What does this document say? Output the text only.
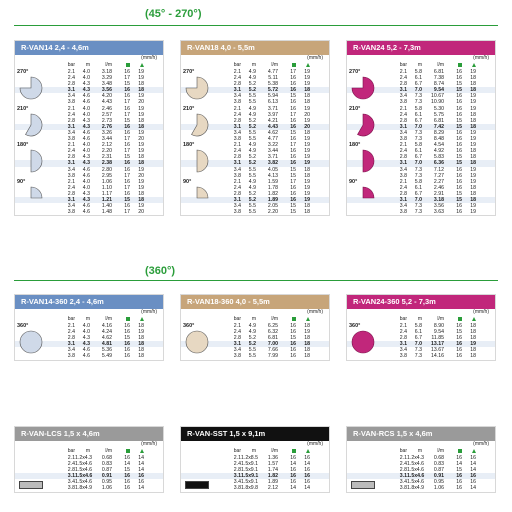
(45° - 270°)
(360°)
R-VAN14 2,4 - 4,6m
(mm/h)
bar	m	l/m
270°	2.1	4.0	3.18	16	19
2.4	4.0	3.29	17	19
2.8	4.3	3.48	15	18
3.1	4.3	3.56	16	18
3.4	4.6	4.20	16	19
3.8	4.6	4.43	17	20
210°	2.1	4.0	2.46	16	19
2.4	4.0	2.57	17	19
2.8	4.3	2.73	15	18
3.1	4.3	2.76	16	18
3.4	4.6	3.26	16	19
3.8	4.6	3.44	17	20
180°	2.1	4.0	2.12	16	19
2.4	4.0	2.20	17	19
2.8	4.3	2.31	15	18
3.1	4.3	2.38	16	18
3.4	4.6	2.80	16	19
3.8	4.6	2.95	17	20
90°	2.1	4.0	1.06	16	19
2.4	4.0	1.10	17	19
2.8	4.3	1.17	16	18
3.1	4.3	1.21	15	18
3.4	4.6	1.40	16	19
3.8	4.6	1.48	17	20
R-VAN18 4,0 - 5,5m
(mm/h)
bar	m	l/m
270°	2.1	4.9	4.77	17	19
2.4	4.9	5.11	16	19
2.8	5.2	5.38	16	19
3.1	5.2	5.72	16	18
3.4	5.5	5.94	15	18
3.8	5.5	6.13	16	18
210°	2.1	4.9	3.71	16	19
2.4	4.9	3.97	17	20
2.8	5.2	4.21	16	19
3.1	5.2	4.43	16	20
3.4	5.5	4.62	15	18
3.8	5.5	4.77	16	19
180°	2.1	4.9	3.22	17	19
2.4	4.9	3.44	16	19
2.8	5.2	3.71	16	19
3.1	5.2	3.82	16	19
3.4	5.5	4.05	15	18
3.8	5.5	4.13	15	18
90°	2.1	4.9	1.59	17	19
2.4	4.9	1.78	16	19
2.8	5.2	1.82	16	19
3.1	5.2	1.89	16	19
3.4	5.5	2.05	15	18
3.8	5.5	2.20	15	18
R-VAN24 5,2 - 7,3m
(mm/h)
bar	m	l/m
270°	2.1	5.8	6.81	16	19
2.4	6.1	7.38	16	18
2.8	6.7	8.74	15	18
3.1	7.0	9.54	15	18
3.4	7.3	10.67	16	19
3.8	7.3	10.90	16	19
210°	2.1	5.8	5.30	16	19
2.4	6.1	5.75	16	18
2.8	6.7	6.81	15	18
3.1	7.0	7.42	15	18
3.4	7.3	8.29	16	19
3.8	7.3	8.48	16	19
180°	2.1	5.8	4.54	16	19
2.4	6.1	4.92	16	18
2.8	6.7	5.83	15	18
3.1	7.0	6.36	15	18
3.4	7.3	7.12	16	19
3.8	7.3	7.27	16	19
90°	2.1	5.8	2.27	16	19
2.4	6.1	2.46	16	18
2.8	6.7	2.91	15	18
3.1	7.0	3.18	15	18
3.4	7.3	3.56	16	19
3.8	7.3	3.63	16	19
R-VAN14-360 2,4 - 4,6m
(mm/h)
bar	m	l/m
360°	2.1	4.0	4.16	16	18
2.4	4.0	4.24	16	19
2.8	4.3	4.62	15	18
3.1	4.3	4.81	16	18
3.4	4.6	5.36	16	18
3.8	4.6	5.49	16	18
R-VAN18-360 4,0 - 5,5m
(mm/h)
bar	m	l/m
360°	2.1	4.9	6.25	16	18
2.4	4.9	6.32	16	19
2.8	5.2	6.81	15	18
3.1	5.2	7.00	16	18
3.4	5.5	7.66	16	18
3.8	5.5	7.99	16	18
R-VAN24-360 5,2 - 7,3m
(mm/h)
bar	m	l/m
360°	2.1	5.8	8.90	16	18
2.4	6.1	9.54	15	18
2.8	6.7	11.85	16	18
3.1	7.0	13.17	16	19
3.4	7.3	13.67	16	18
3.8	7.3	14.16	16	18
R-VAN-LCS 1,5 x 4,6m
(mm/h)
bar	m	l/m
2.1 1.2x4.3	0.68	16	14
2.4 1.5x4.6	0.83	14	14
2.8 1.5x4.6	0.87	15	14
3.1 1.5x4.6	0.91	16	16
3.4 1.5x4.6	0.95	16	16
3.8 1.8x4.9	1.06	16	14
R-VAN-SST 1,5 x 9,1m
(mm/h)
bar	m	l/m
2.1 1.2x8.5	1.36	16	16
2.4 1.5x9.1	1.57	14	14
2.8 1.5x9.1	1.74	16	16
3.1 1.5x9.1	1.82	16	16
3.4 1.5x9.1	1.89	16	16
3.8 1.8x9.8	2.12	14	14
R-VAN-RCS 1,5 x 4,6m
(mm/h)
bar	m	l/m
2.1 1.2x4.3	0.68	16	16
2.4 1.5x4.6	0.83	14	14
2.8 1.5x4.6	0.87	15	14
3.1 1.5x4.6	0.91	16	16
3.4 1.5x4.6	0.95	16	16
3.8 1.8x4.9	1.06	16	14
